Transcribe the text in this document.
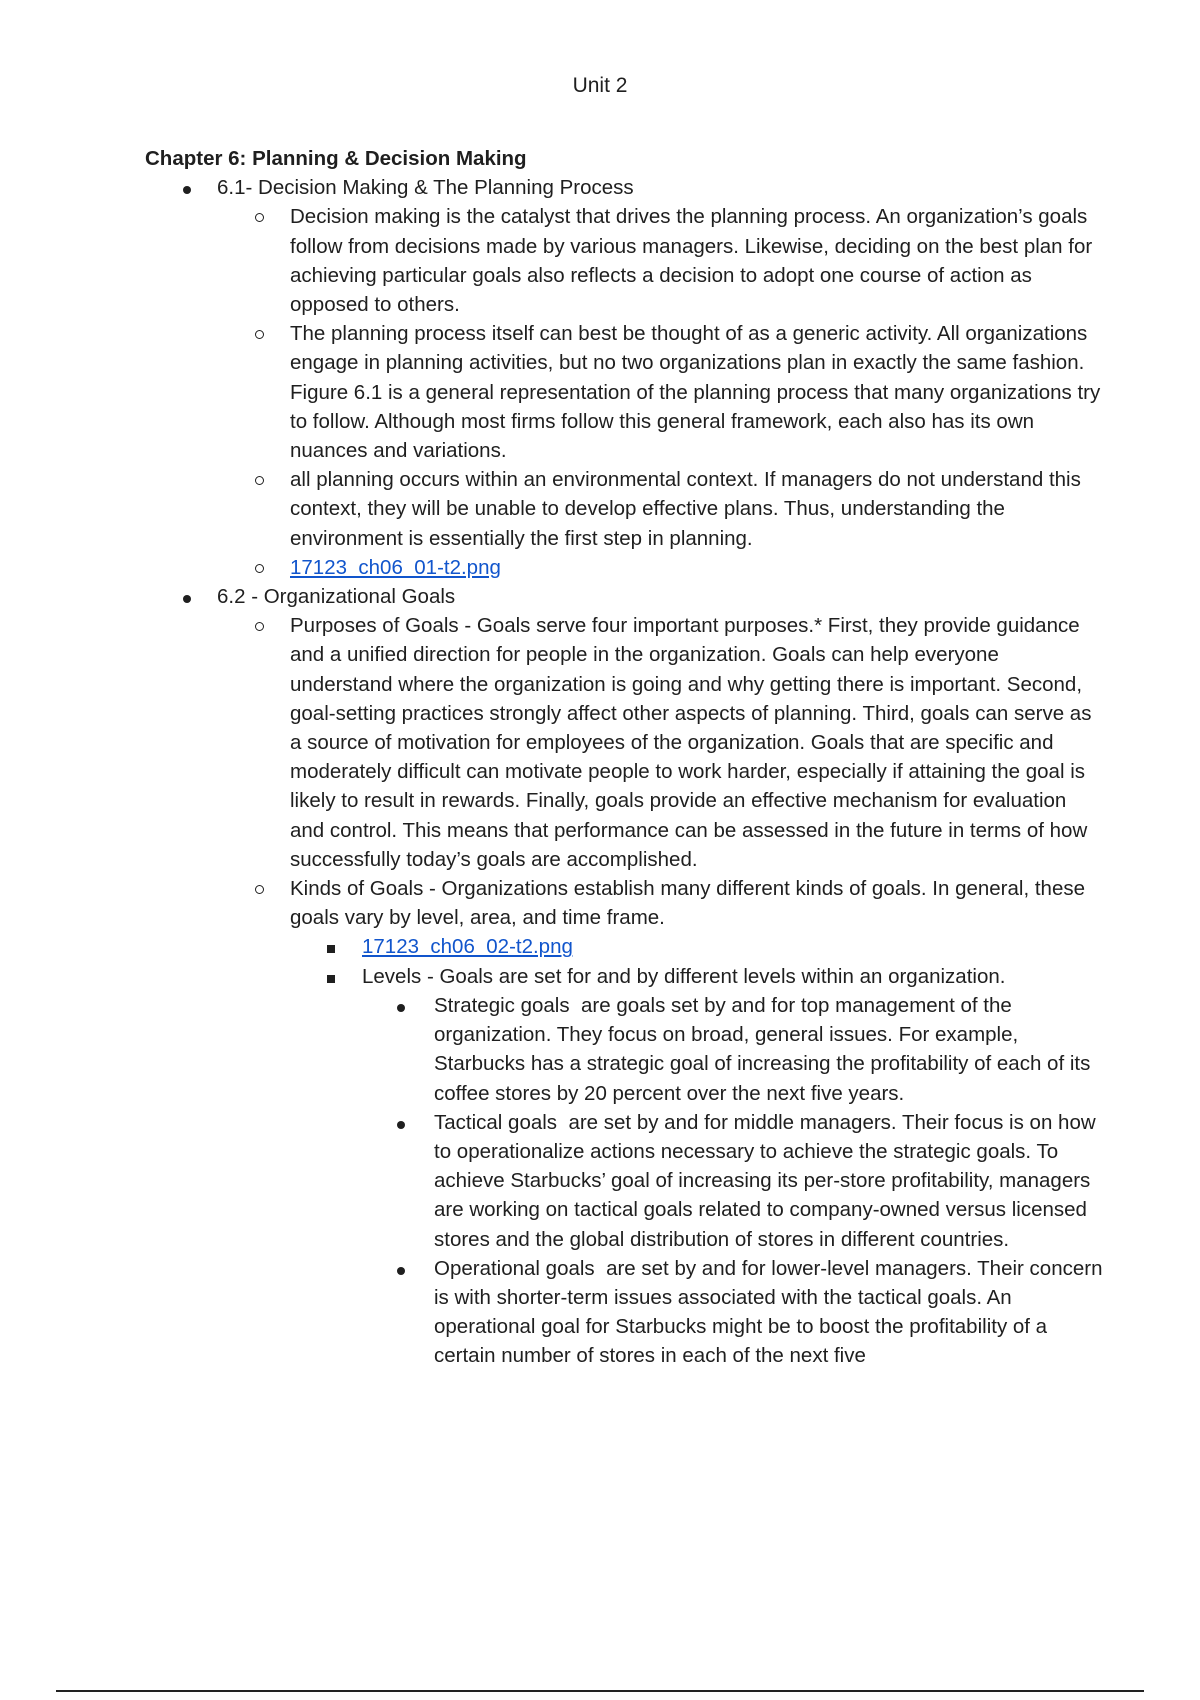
Unit 2
Chapter 6: Planning & Decision Making
6.1- Decision Making & The Planning Process
Decision making is the catalyst that drives the planning process. An organization’s goals follow from decisions made by various managers. Likewise, deciding on the best plan for achieving particular goals also reflects a decision to adopt one course of action as opposed to others.
The planning process itself can best be thought of as a generic activity. All organizations engage in planning activities, but no two organizations plan in exactly the same fashion. Figure 6.1 is a general representation of the planning process that many organizations try to follow. Although most firms follow this general framework, each also has its own nuances and variations.
all planning occurs within an environmental context. If managers do not understand this context, they will be unable to develop effective plans. Thus, understanding the environment is essentially the first step in planning.
17123_ch06_01-t2.png
6.2 - Organizational Goals
Purposes of Goals - Goals serve four important purposes.* First, they provide guidance and a unified direction for people in the organization. Goals can help everyone understand where the organization is going and why getting there is important. Second, goal-setting practices strongly affect other aspects of planning. Third, goals can serve as a source of motivation for employees of the organization. Goals that are specific and moderately difficult can motivate people to work harder, especially if attaining the goal is likely to result in rewards. Finally, goals provide an effective mechanism for evaluation and control. This means that performance can be assessed in the future in terms of how successfully today’s goals are accomplished.
Kinds of Goals - Organizations establish many different kinds of goals. In general, these goals vary by level, area, and time frame.
17123_ch06_02-t2.png
Levels - Goals are set for and by different levels within an organization.
Strategic goals  are goals set by and for top management of the organization. They focus on broad, general issues. For example, Starbucks has a strategic goal of increasing the profitability of each of its coffee stores by 20 percent over the next five years.
Tactical goals  are set by and for middle managers. Their focus is on how to operationalize actions necessary to achieve the strategic goals. To achieve Starbucks’ goal of increasing its per-store profitability, managers are working on tactical goals related to company-owned versus licensed stores and the global distribution of stores in different countries.
Operational goals  are set by and for lower-level managers. Their concern is with shorter-term issues associated with the tactical goals. An operational goal for Starbucks might be to boost the profitability of a certain number of stores in each of the next five
